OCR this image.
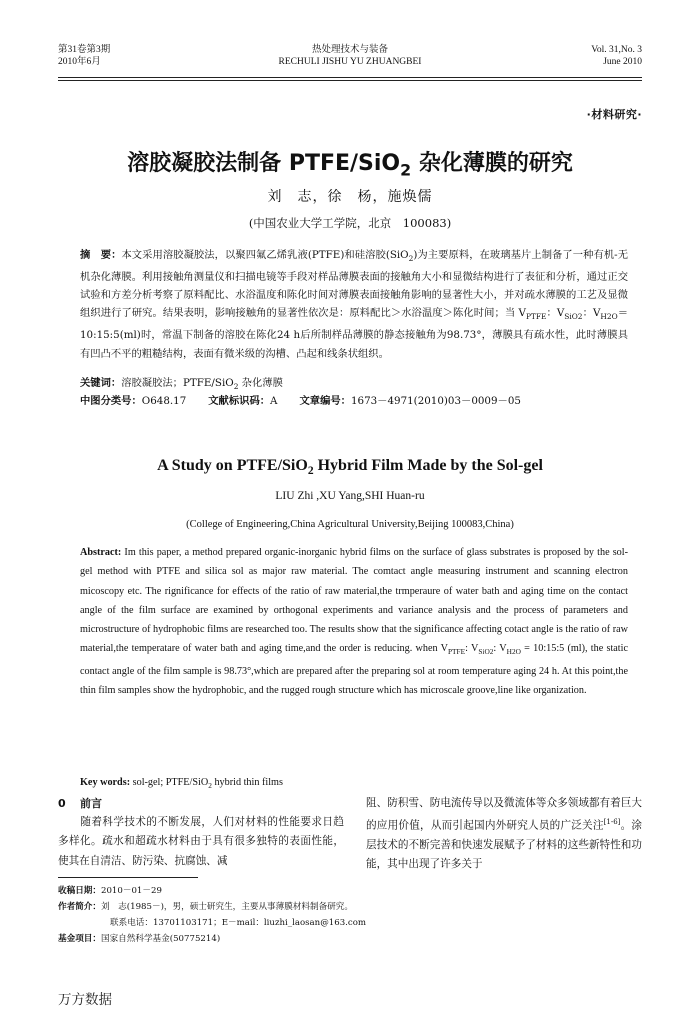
第31卷第3期
2010年6月
热处理技术与装备
RECHULI JISHU YU ZHUANGBEI
Vol. 31,No. 3
June 2010
·材料研究·
溶胶凝胶法制备 PTFE/SiO$_2$ 杂化薄膜的研究
刘　志，徐　杨，施焕儒
(中国农业大学工学院，北京　100083)
摘　要：本文采用溶胶凝胶法，以聚四氟乙烯乳液(PTFE)和硅溶胶(SiO$_2$)为主要原料，在玻璃基片上制备了一种有机-无机杂化薄膜。利用接触角测量仪和扫描电镜等手段对样品薄膜表面的接触角大小和显微结构进行了表征和分析，通过正交试验和方差分析考察了原料配比、水浴温度和陈化时间对薄膜表面接触角影响的显著性大小，并对疏水薄膜的工艺及显微组织进行了研究。结果表明，影响接触角的显著性依次是：原料配比＞水浴温度＞陈化时间；当 $V_{PTFE}$：$V_{SiO2}$：$V_{H2O}=10:15:5(ml)$时，常温下制备的溶胶在陈化24 h后所制样品薄膜的静态接触角为98.73°，薄膜具有疏水性，此时薄膜具有凹凸不平的粗糙结构，表面有微米级的沟槽、凸起和线条状组织。
关键词：溶胶凝胶法；PTFE/SiO$_2$ 杂化薄膜
中图分类号：O648.17 文献标识码：A 文章编号：1673－4971(2010)03－0009－05
A Study on PTFE/SiO$_2$ Hybrid Film Made by the Sol-gel
LIU Zhi ,XU Yang,SHI Huan-ru
(College of Engineering,China Agricultural University,Beijing 100083,China)
Abstract: Im this paper, a method prepared organic-inorganic hybrid films on the surface of glass substrates is proposed by the sol-gel method with PTFE and silica sol as major raw material. The comtact angle measuring instrument and scanning electron micoscopy etc. The rignificance for effects of the ratio of raw material,the trmperaure of water bath and aging time on the contact angle of the film surface are examined by orthogonal experiments and variance analysis and the process of parameters and microstructure of hydrophobic films are researched too. The results show that the significance affecting cotact angle is the ratio of raw material,the temperatare of water bath and aging time,and the order is reducing. when $V_{PTFE}$: $V_{SiO2}$: $V_{H2O}$ = 10:15:5 (ml), the static contact angle of the film sample is 98.73°,which are prepared after the preparing sol at room temperature aging 24 h. At this point,the thin film samples show the hydrophobic, and the rugged rough structure which has microscale groove,line like organization.
Key words: sol-gel; PTFE/SiO$_2$ hybrid thin films
0 前言
随着科学技术的不断发展，人们对材料的性能要求日趋多样化。疏水和超疏水材料由于具有很多独特的表面性能，使其在自清洁、防污染、抗腐蚀、减
阻、防积雪、防电流传导以及微流体等众多领域都有着巨大的应用价值，从而引起国内外研究人员的广泛关注[1-6]。涂层技术的不断完善和快速发展赋予了材料的这些新特性和功能，其中出现了许多关于
收稿日期：2010－01－29
作者简介：刘　志(1985－)，男，硕士研究生，主要从事薄膜材料制备研究。
联系电话：13701103171；E－mail：liuzhi_laosan@163.com
基金项目：国家自然科学基金(50775214)
万方数据
